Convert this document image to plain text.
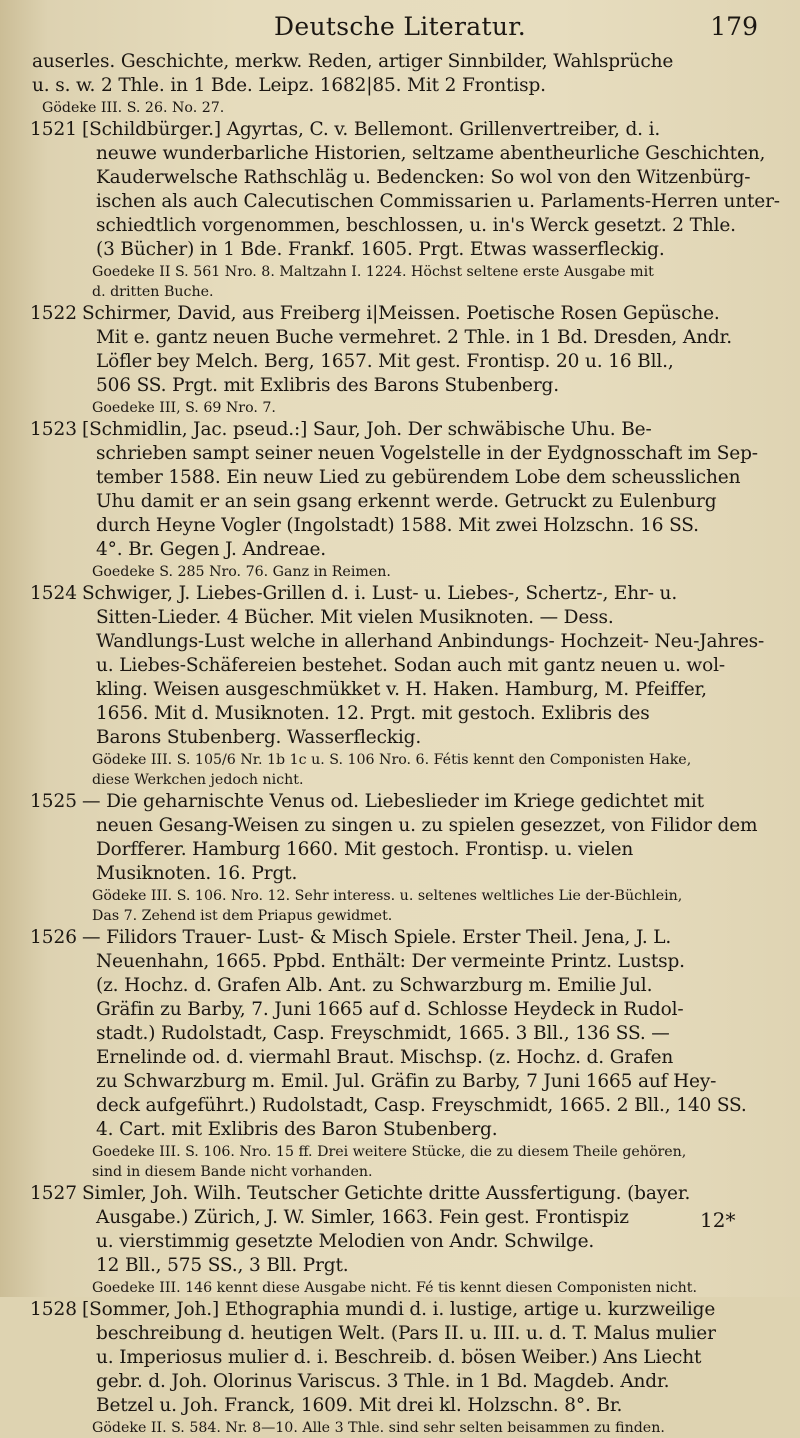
Deutsche Literatur.	179
auserles. Geschichte, merkw. Reden, artiger Sinnbilder, Wahlsprüche
u. s. w. 2 Thle. in 1 Bde. Leipz. 1682|85. Mit 2 Frontisp.
Gödeke III. S. 26. No. 27.
1521 [Schildbürger.] Agyrtas, C. v. Bellemont. Grillenvertreiber, d. i.
neuwe wunderbarliche Historien, seltzame abentheurliche Geschichten,
Kauderwelsche Rathschläg u. Bedencken: So wol von den Witzenbürg-
ischen als auch Calecutischen Commissarien u. Parlaments-Herren unter-
schiedtlich vorgenommen, beschlossen, u. in's Werck gesetzt. 2 Thle.
(3 Bücher) in 1 Bde. Frankf. 1605. Prgt. Etwas wasserfleckig.
Goedeke II S. 561 Nro. 8. Maltzahn I. 1224. Höchst seltene erste Ausgabe mit
d. dritten Buche.
1522 Schirmer, David, aus Freiberg i|Meissen. Poetische Rosen Gepüsche.
Mit e. gantz neuen Buche vermehret. 2 Thle. in 1 Bd. Dresden, Andr.
Löfler bey Melch. Berg, 1657. Mit gest. Frontisp. 20 u. 16 Bll.,
506 SS. Prgt. mit Exlibris des Barons Stubenberg.
Goedeke III, S. 69 Nro. 7.
1523 [Schmidlin, Jac. pseud.:] Saur, Joh. Der schwäbische Uhu. Be-
schrieben sampt seiner neuen Vogelstelle in der Eydgnosschaft im Sep-
tember 1588. Ein neuw Lied zu gebürendem Lobe dem scheusslichen
Uhu damit er an sein gsang erkennt werde. Getruckt zu Eulenburg
durch Heyne Vogler (Ingolstadt) 1588. Mit zwei Holzschn. 16 SS.
4°. Br. Gegen J. Andreae.
Goedeke S. 285 Nro. 76. Ganz in Reimen.
1524 Schwiger, J. Liebes-Grillen d. i. Lust- u. Liebes-, Schertz-, Ehr- u.
Sitten-Lieder. 4 Bücher. Mit vielen Musiknoten. — Dess.
Wandlungs-Lust welche in allerhand Anbindungs- Hochzeit- Neu-Jahres-
u. Liebes-Schäfereien bestehet. Sodan auch mit gantz neuen u. wol-
kling. Weisen ausgeschmükket v. H. Haken. Hamburg, M. Pfeiffer,
1656. Mit d. Musiknoten. 12. Prgt. mit gestoch. Exlibris des
Barons Stubenberg. Wasserfleckig.
Gödeke III. S. 105/6 Nr. 1b 1c u. S. 106 Nro. 6. Fétis kennt den Componisten Hake,
diese Werkchen jedoch nicht.
1525 — Die geharnischte Venus od. Liebeslieder im Kriege gedichtet mit
neuen Gesang-Weisen zu singen u. zu spielen gesezzet, von Filidor dem
Dorfferer. Hamburg 1660. Mit gestoch. Frontisp. u. vielen
Musiknoten. 16. Prgt.
Gödeke III. S. 106. Nro. 12. Sehr interess. u. seltenes weltliches Lie der-Büchlein,
Das 7. Zehend ist dem Priapus gewidmet.
1526 — Filidors Trauer- Lust- & Misch Spiele. Erster Theil. Jena, J. L.
Neuenhahn, 1665. Ppbd. Enthält: Der vermeinte Printz. Lustsp.
(z. Hochz. d. Grafen Alb. Ant. zu Schwarzburg m. Emilie Jul.
Gräfin zu Barby, 7. Juni 1665 auf d. Schlosse Heydeck in Rudol-
stadt.) Rudolstadt, Casp. Freyschmidt, 1665. 3 Bll., 136 SS. —
Ernelinde od. d. viermahl Braut. Mischsp. (z. Hochz. d. Grafen
zu Schwarzburg m. Emil. Jul. Gräfin zu Barby, 7 Juni 1665 auf Hey-
deck aufgeführt.) Rudolstadt, Casp. Freyschmidt, 1665. 2 Bll., 140 SS.
4. Cart. mit Exlibris des Baron Stubenberg.
Goedeke III. S. 106. Nro. 15 ff. Drei weitere Stücke, die zu diesem Theile gehören,
sind in diesem Bande nicht vorhanden.
1527 Simler, Joh. Wilh. Teutscher Getichte dritte Aussfertigung. (bayer.
Ausgabe.) Zürich, J. W. Simler, 1663. Fein gest. Frontispiz
u. vierstimmig gesetzte Melodien von Andr. Schwilge.
12 Bll., 575 SS., 3 Bll. Prgt.
Goedeke III. 146 kennt diese Ausgabe nicht. Fé tis kennt diesen Componisten nicht.
1528 [Sommer, Joh.] Ethographia mundi d. i. lustige, artige u. kurzweilige
beschreibung d. heutigen Welt. (Pars II. u. III. u. d. T. Malus mulier
u. Imperiosus mulier d. i. Beschreib. d. bösen Weiber.) Ans Liecht
gebr. d. Joh. Olorinus Variscus. 3 Thle. in 1 Bd. Magdeb. Andr.
Betzel u. Joh. Franck, 1609. Mit drei kl. Holzschn. 8°. Br.
Gödeke II. S. 584. Nr. 8—10. Alle 3 Thle. sind sehr selten beisammen zu finden.
12*
